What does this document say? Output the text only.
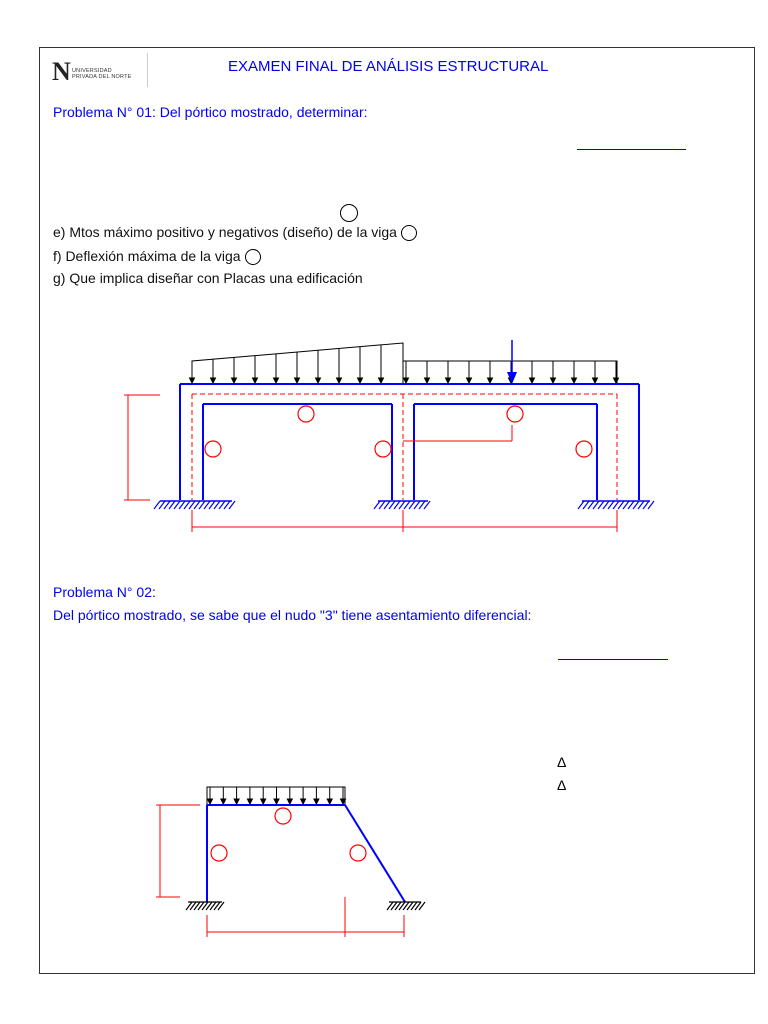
N UNIVERSIDAD
PRIVADA DEL NORTE
EXAMEN FINAL DE ANÁLISIS ESTRUCTURAL
Problema N° 01: Del pórtico mostrado, determinar:
e) Mtos máximo positivo y negativos (diseño) de la viga
f) Deflexión máxima de la viga
g) Que implica diseñar con Placas una edificación
Problema N° 02:
Del pórtico mostrado, se sabe que el nudo "3" tiene asentamiento diferencial:
Δ
Δ
